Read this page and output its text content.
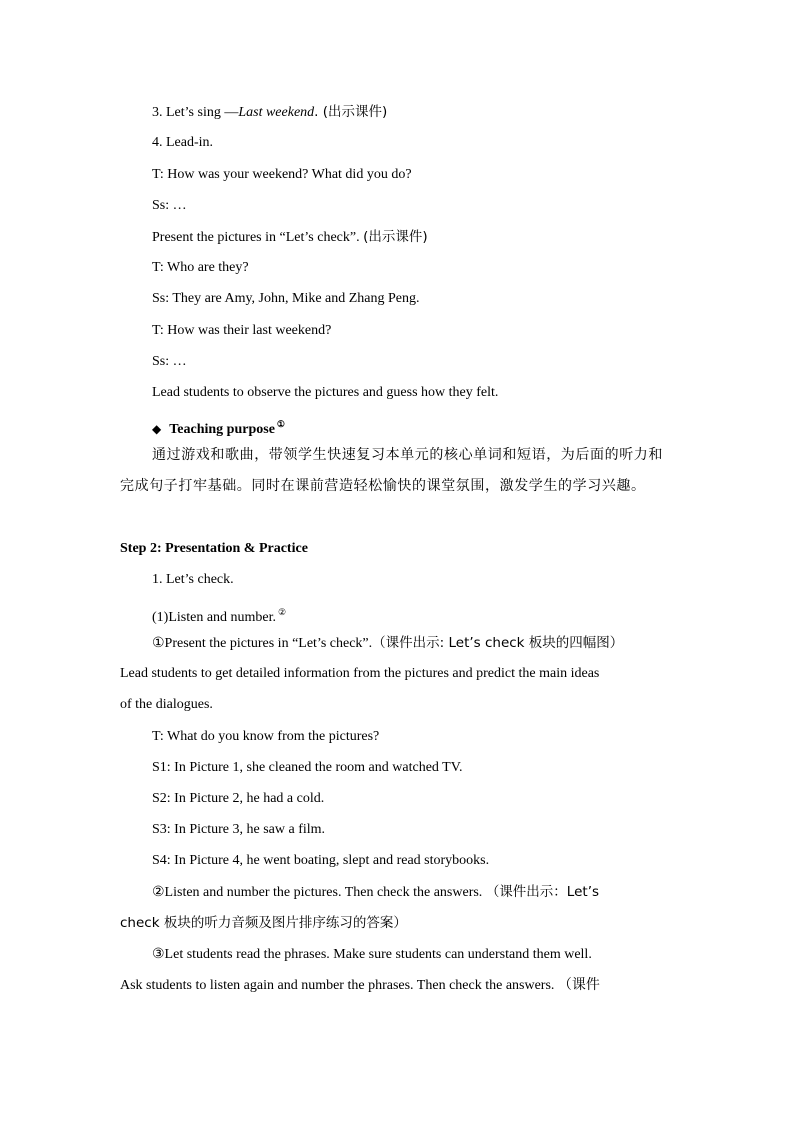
3. Let’s sing —Last weekend. (出示课件)
4. Lead-in.
T: How was your weekend? What did you do?
Ss: …
Present the pictures in “Let’s check”. (出示课件)
T: Who are they?
Ss: They are Amy, John, Mike and Zhang Peng.
T: How was their last weekend?
Ss: …
Lead students to observe the pictures and guess how they felt.
◆ Teaching purpose ①
通过游戏和歌曲，带领学生快速复习本单元的核心单词和短语，为后面的听力和完成句子打牢基础。同时在课前营造轻松愉快的课堂氛围，激发学生的学习兴趣。
Step 2: Presentation & Practice
1. Let’s check.
(1)Listen and number. ②
①Present the pictures in “Let’s check”.（课件出示: Let’s check 板块的四幅图）
Lead students to get detailed information from the pictures and predict the main ideas
of the dialogues.
T: What do you know from the pictures?
S1: In Picture 1, she cleaned the room and watched TV.
S2: In Picture 2, he had a cold.
S3: In Picture 3, he saw a film.
S4: In Picture 4, he went boating, slept and read storybooks.
②Listen and number the pictures. Then check the answers. （课件出示：Let’s
check 板块的听力音频及图片排序练习的答案）
③Let students read the phrases. Make sure students can understand them well.
Ask students to listen again and number the phrases. Then check the answers. （课件
